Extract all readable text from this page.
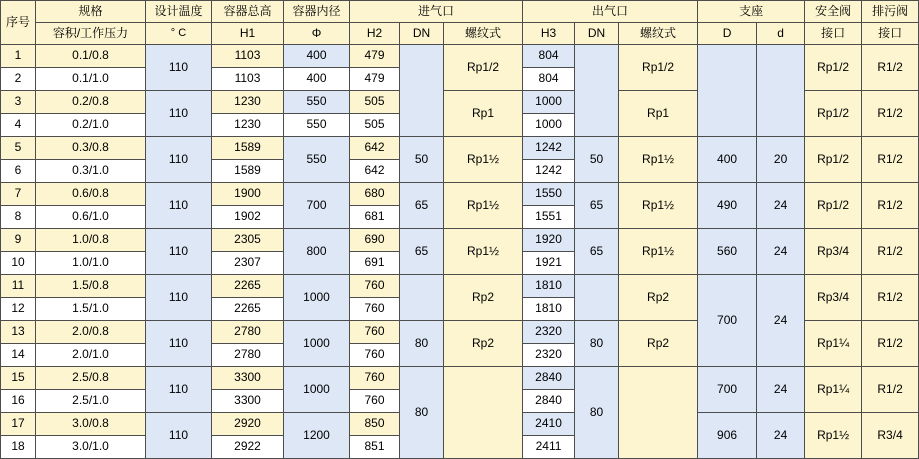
序号	规格	设计温度	容器总高	容器内径	进气口			出气口			支座		安全阀	排污阀
	容积/工作压力	° C	H1	Φ	H2	DN	螺纹式	H3	DN	螺纹式	D	d	接口	接口
1	0.1/0.8	110	1103	400	479		Rp1/2	804		Rp1/2			Rp1/2	R1/2
2	0.1/1.0		1103	400	479			804						
3	0.2/0.8	110	1230	550	505		Rp1	1000		Rp1			Rp1/2	R1/2
4	0.2/1.0		1230	550	505			1000						
5	0.3/0.8	110	1589	550	642	50	Rp1½	1242	50	Rp1½	400	20	Rp1/2	R1/2
6	0.3/1.0		1589		642			1242						
7	0.6/0.8	110	1900	700	680	65	Rp1½	1550	65	Rp1½	490	24	Rp1/2	R1/2
8	0.6/1.0		1902		681			1551						
9	1.0/0.8	110	2305	800	690	65	Rp1½	1920	65	Rp1½	560	24	Rp3/4	R1/2
10	1.0/1.0		2307		691			1921						
11	1.5/0.8	110	2265	1000	760		Rp2	1810		Rp2	700	24	Rp3/4	R1/2
12	1.5/1.0		2265		760			1810						
13	2.0/0.8	110	2780	1000	760	80	Rp2	2320	80	Rp2			Rp1¼	R1/2
14	2.0/1.0		2780		760			2320						
15	2.5/0.8	110	3300	1000	760	80		2840	80		700	24	Rp1¼	R1/2
16	2.5/1.0		3300		760			2840						
17	3.0/0.8	110	2920	1200	850			2410			906	24	Rp1½	R3/4
18	3.0/1.0		2922		851			2411						
